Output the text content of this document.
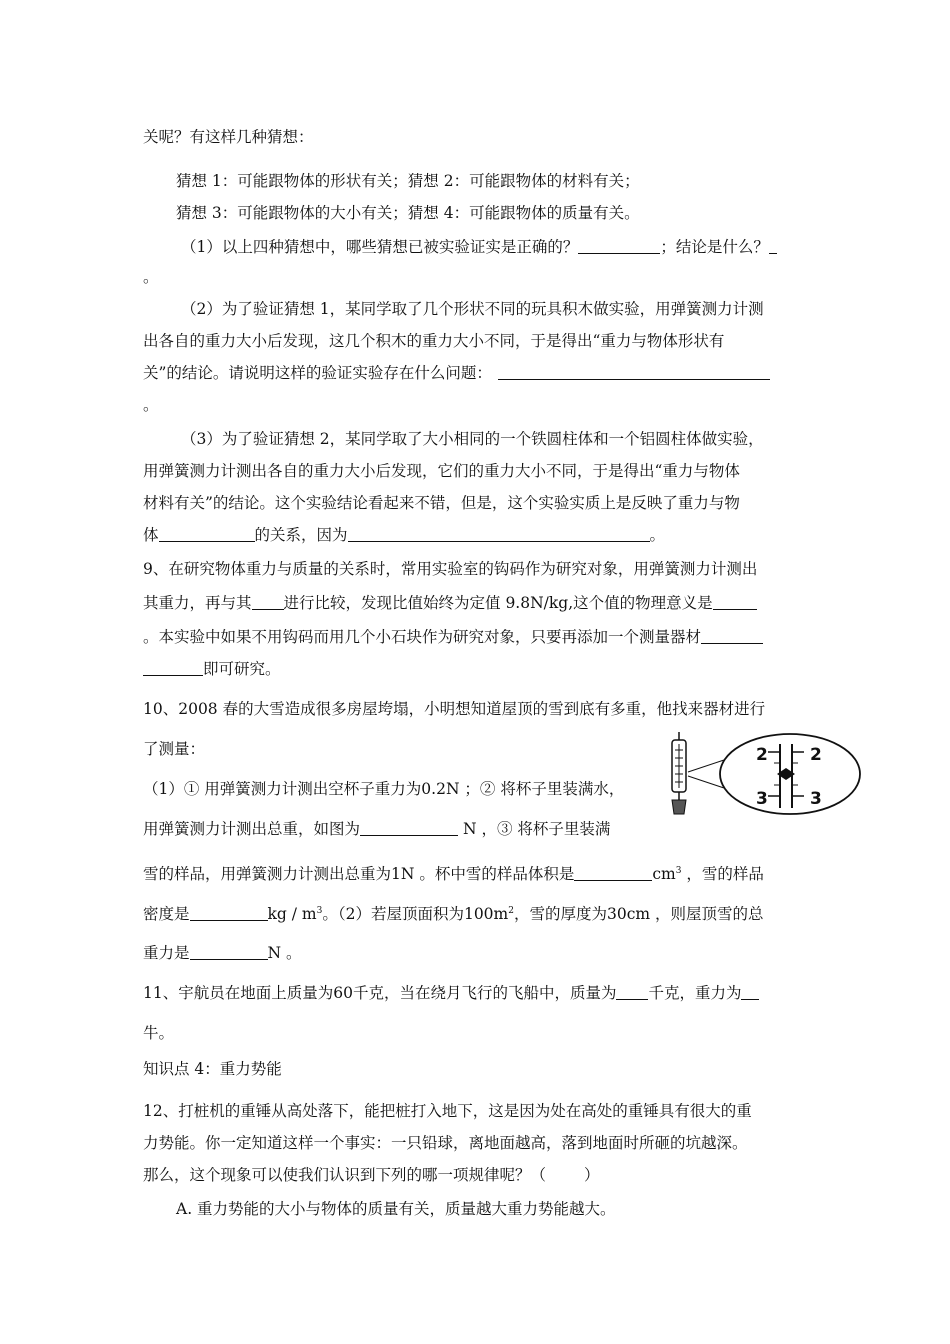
关呢？有这样几种猜想：
猜想 1：可能跟物体的形状有关；猜想 2：可能跟物体的材料有关；
猜想 3：可能跟物体的大小有关；猜想 4：可能跟物体的质量有关。
（1）以上四种猜想中，哪些猜想已被实验证实是正确的？	；结论是什么？
。
（2）为了验证猜想 1，某同学取了几个形状不同的玩具积木做实验，用弹簧测力计测
出各自的重力大小后发现，这几个积木的重力大小不同，于是得出“重力与物体形状有
关”的结论。请说明这样的验证实验存在什么问题：
。
（3）为了验证猜想 2，某同学取了大小相同的一个铁圆柱体和一个铝圆柱体做实验，
用弹簧测力计测出各自的重力大小后发现，它们的重力大小不同，于是得出“重力与物体
材料有关”的结论。这个实验结论看起来不错，但是，这个实验实质上是反映了重力与物
体	的关系，因为	。
9、在研究物体重力与质量的关系时，常用实验室的钩码作为研究对象，用弹簧测力计测出
其重力，再与其 进行比较，发现比值始终为定值 9.8N/kg,这个值的物理意义是
。本实验中如果不用钩码而用几个小石块作为研究对象，只要再添加一个测量器材
即可研究。
10、2008 春的大雪造成很多房屋垮塌，小明想知道屋顶的雪到底有多重，他找来器材进行
了测量：
（1）① 用弹簧测力计测出空杯子重力为0.2N ；② 将杯子里装满水，
用弹簧测力计测出总重，如图为	N ，③ 将杯子里装满
雪的样品，用弹簧测力计测出总重为1N 。杯中雪的样品体积是	$cm^3$ ，雪的样品
密度是	kg / $m^3$。（2）若屋顶面积为$100m^2$，雪的厚度为30cm ，则屋顶雪的总
重力是	N 。
11、宇航员在地面上质量为60千克，当在绕月飞行的飞船中，质量为 千克，重力为
牛。
知识点 4：重力势能
12、打桩机的重锤从高处落下，能把桩打入地下，这是因为处在高处的重锤具有很大的重
力势能。你一定知道这样一个事实：一只铅球，离地面越高，落到地面时所砸的坑越深。
那么，这个现象可以使我们认识到下列的哪一项规律呢？（ ）
A. 重力势能的大小与物体的质量有关，质量越大重力势能越大。
2 2
3 3
